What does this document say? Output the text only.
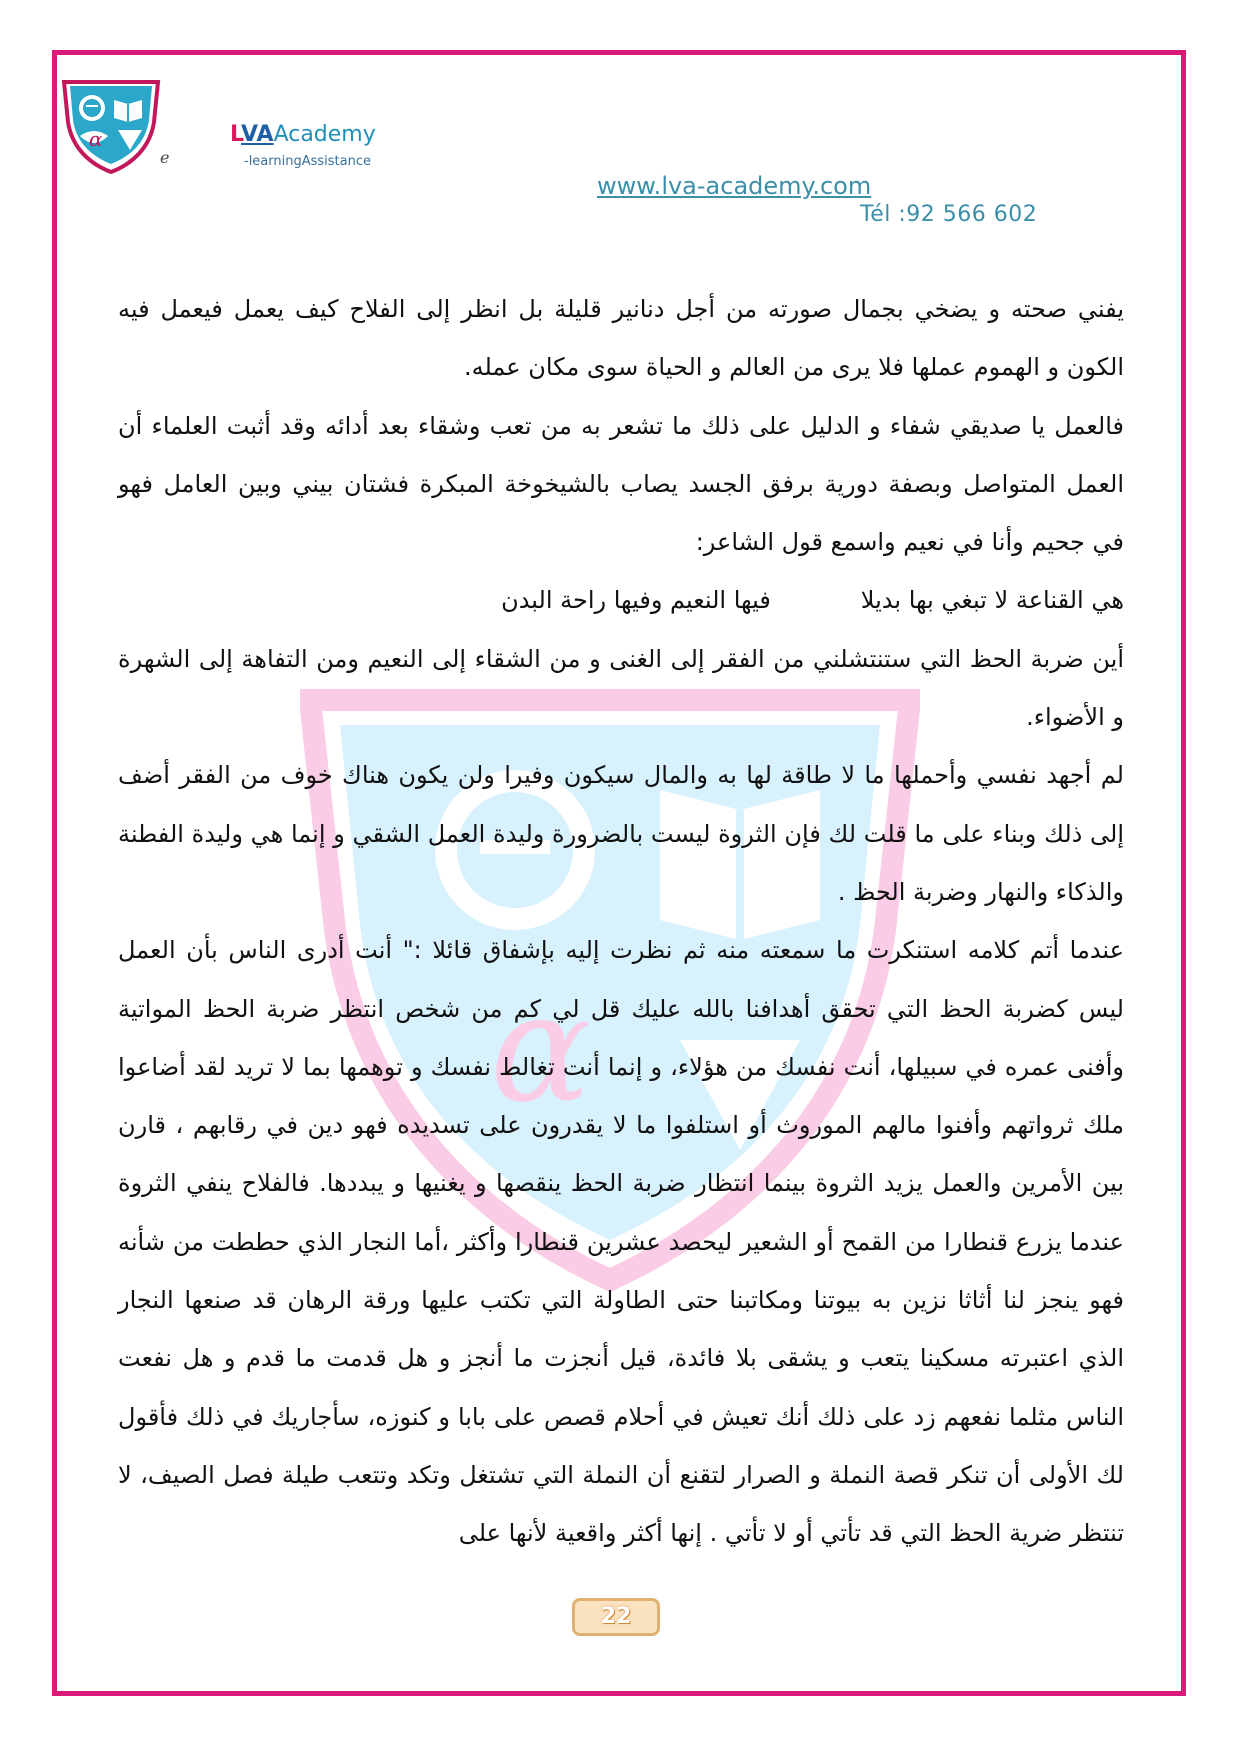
α
e
LVAAcademy
-learningAssistance
www.lva-academy.com
Tél :92 566 602
α

يفني صحته و يضخي بجمال صورته من أجل دنانير قليلة بل انظر إلى الفلاح كيف يعمل فيعمل فيه الكون و الهموم عملها فلا يرى من العالم و الحياة سوى مكان عمله.

فالعمل يا صديقي شفاء و الدليل على ذلك ما تشعر به من تعب وشقاء بعد أدائه وقد أثبت العلماء أن العمل المتواصل وبصفة دورية برفق الجسد يصاب بالشيخوخة المبكرة فشتان بيني وبين العامل فهو في جحيم وأنا في نعيم واسمع قول الشاعر:

هي القناعة لا تبغي بها بديلا
فيها النعيم وفيها راحة البدن

أين ضربة الحظ التي ستنتشلني من الفقر إلى الغنى و من الشقاء إلى النعيم ومن التفاهة إلى الشهرة و الأضواء.

لم أجهد نفسي وأحملها ما لا طاقة لها به والمال سيكون وفيرا ولن يكون هناك خوف من الفقر أضف إلى ذلك وبناء على ما قلت لك فإن الثروة ليست بالضرورة وليدة العمل الشقي و إنما هي وليدة الفطنة والذكاء والنهار وضربة الحظ .

عندما أتم كلامه استنكرت ما سمعته منه ثم نظرت إليه بإشفاق قائلا :" أنت أدرى الناس بأن العمل ليس كضربة الحظ التي تحقق أهدافنا بالله عليك قل لي كم من شخص انتظر ضربة الحظ المواتية وأفنى عمره في سبيلها، أنت نفسك من هؤلاء، و إنما أنت تغالط نفسك و توهمها بما لا تريد لقد أضاعوا ملك ثرواتهم وأفنوا مالهم الموروث أو استلفوا ما لا يقدرون على تسديده فهو دين في رقابهم ، قارن بين الأمرين والعمل يزيد الثروة بينما انتظار ضربة الحظ ينقصها و يغنيها و يبددها. فالفلاح ينفي الثروة عندما يزرع قنطارا من القمح أو الشعير ليحصد عشرين قنطارا وأكثر ،أما النجار الذي حططت من شأنه فهو ينجز لنا أثاثا نزين به بيوتنا ومكاتبنا حتى الطاولة التي تكتب عليها ورقة الرهان قد صنعها النجار الذي اعتبرته مسكينا يتعب و يشقى بلا فائدة، قيل أنجزت ما أنجز و هل قدمت ما قدم و هل نفعت الناس مثلما نفعهم زد على ذلك أنك تعيش في أحلام قصص على بابا و كنوزه، سأجاريك في ذلك فأقول لك الأولى أن تنكر قصة النملة و الصرار لتقنع أن النملة التي تشتغل وتكد وتتعب طيلة فصل الصيف، لا تنتظر ضرية الحظ التي قد تأتي أو لا تأتي . إنها أكثر واقعية لأنها على

22
